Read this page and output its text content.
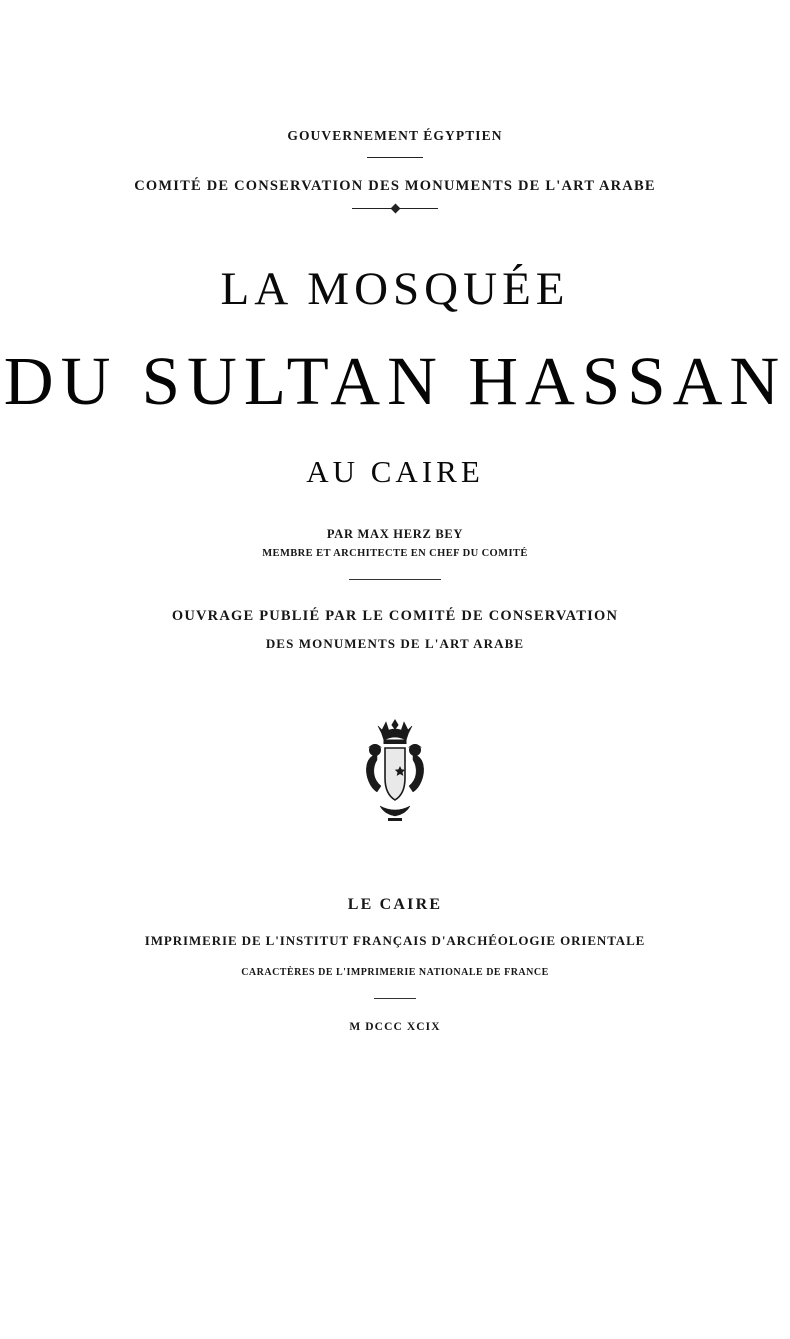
GOUVERNEMENT ÉGYPTIEN
COMITÉ DE CONSERVATION DES MONUMENTS DE L'ART ARABE
LA MOSQUÉE
DU SULTAN HASSAN
AU CAIRE
PAR MAX HERZ BEY
MEMBRE ET ARCHITECTE EN CHEF DU COMITÉ
OUVRAGE PUBLIÉ PAR LE COMITÉ DE CONSERVATION
DES MONUMENTS DE L'ART ARABE
LE CAIRE
IMPRIMERIE DE L'INSTITUT FRANÇAIS D'ARCHÉOLOGIE ORIENTALE
CARACTÈRES DE L'IMPRIMERIE NATIONALE DE FRANCE
M DCCC XCIX
